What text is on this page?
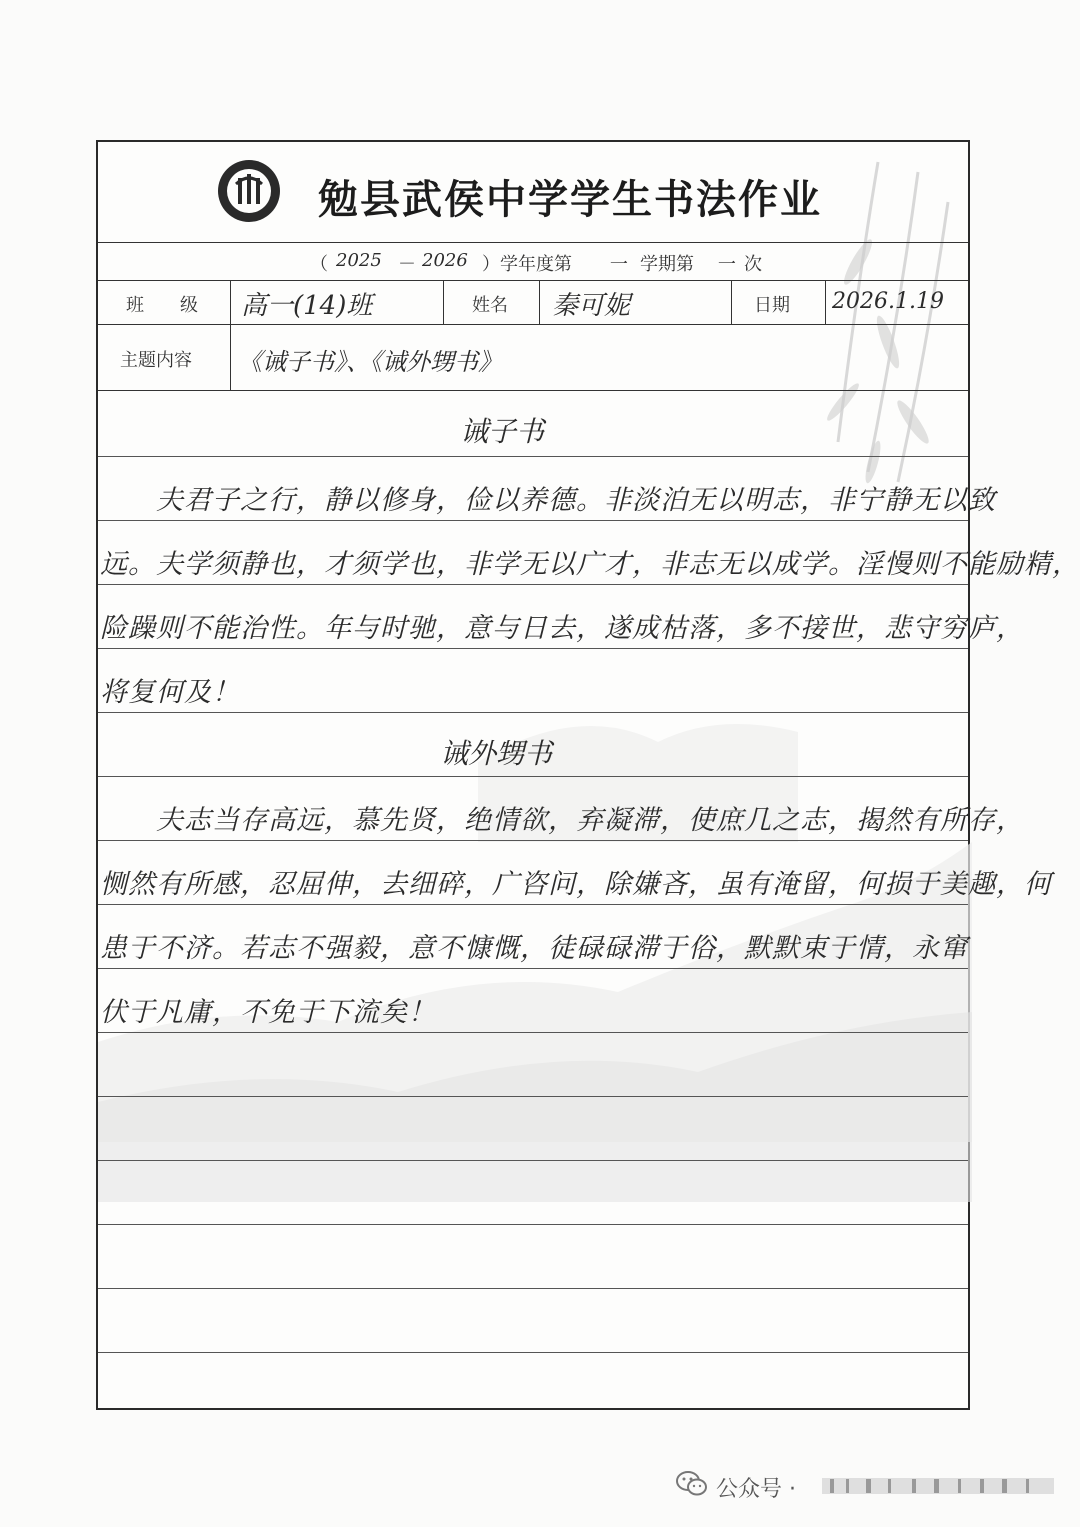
勉县武侯中学学生书法作业
（ 2025 － 2026 ）学年度第 一 学期第 一 次
班　　级 高一(14)班	姓名 秦可妮	日期 2026.1.19
主题内容 《诫子书》、《诫外甥书》
诫子书
　　夫君子之行，静以修身，俭以养德。非淡泊无以明志，非宁静无以致
远。夫学须静也，才须学也，非学无以广才，非志无以成学。淫慢则不能励精，
险躁则不能治性。年与时驰，意与日去，遂成枯落，多不接世，悲守穷庐，
将复何及！
诫外甥书
　　夫志当存高远，慕先贤，绝情欲，弃凝滞，使庶几之志，揭然有所存，
恻然有所感，忍屈伸，去细碎，广咨问，除嫌吝，虽有淹留，何损于美趣，何
患于不济。若志不强毅，意不慷慨，徒碌碌滞于俗，默默束于情，永窜
伏于凡庸，不免于下流矣！
公众号 ·
